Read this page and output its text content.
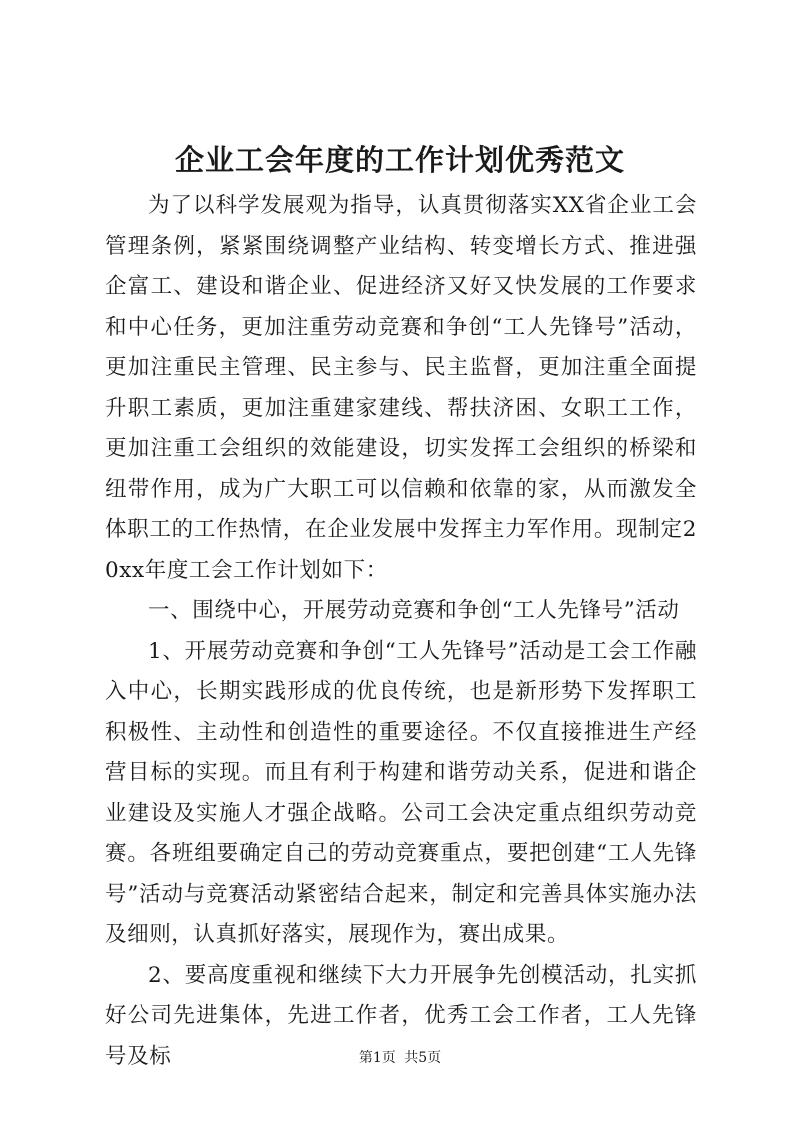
企业工会年度的工作计划优秀范文

为了以科学发展观为指导，认真贯彻落实XX省企业工会管理条例，紧紧围绕调整产业结构、转变增长方式、推进强企富工、建设和谐企业、促进经济又好又快发展的工作要求和中心任务，更加注重劳动竞赛和争创“工人先锋号”活动，更加注重民主管理、民主参与、民主监督，更加注重全面提升职工素质，更加注重建家建线、帮扶济困、女职工工作，更加注重工会组织的效能建设，切实发挥工会组织的桥梁和纽带作用，成为广大职工可以信赖和依靠的家，从而激发全体职工的工作热情，在企业发展中发挥主力军作用。现制定20xx年度工会工作计划如下：

一、围绕中心，开展劳动竞赛和争创“工人先锋号”活动

1、开展劳动竞赛和争创“工人先锋号”活动是工会工作融入中心，长期实践形成的优良传统，也是新形势下发挥职工积极性、主动性和创造性的重要途径。不仅直接推进生产经营目标的实现。而且有利于构建和谐劳动关系，促进和谐企业建设及实施人才强企战略。公司工会决定重点组织劳动竞赛。各班组要确定自己的劳动竞赛重点，要把创建“工人先锋号”活动与竞赛活动紧密结合起来，制定和完善具体实施办法及细则，认真抓好落实，展现作为，赛出成果。

2、要高度重视和继续下大力开展争先创模活动，扎实抓好公司先进集体，先进工作者，优秀工会工作者，工人先锋号及标	第1页 共5页
